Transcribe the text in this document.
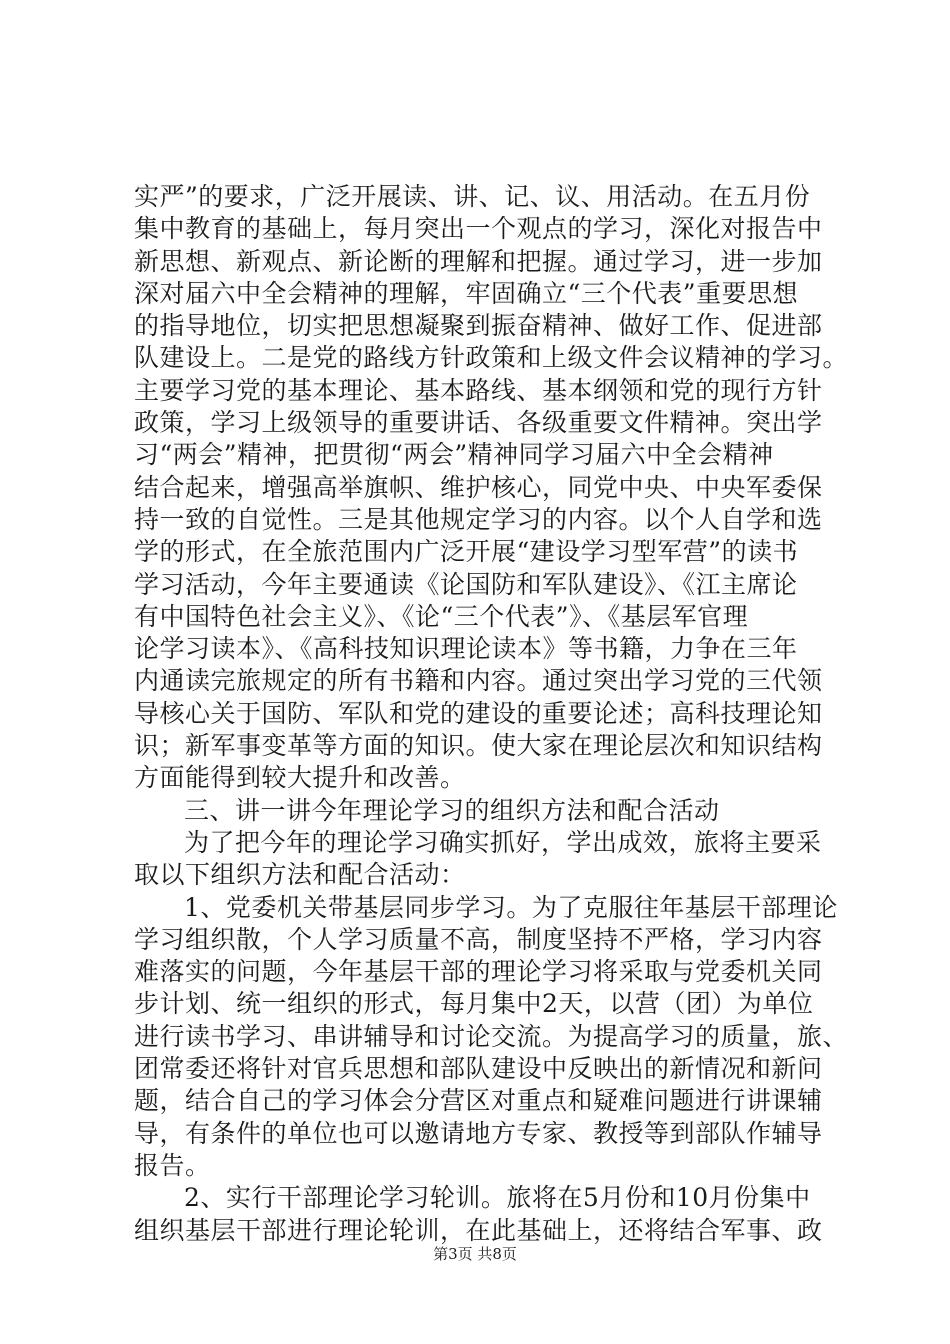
实严”的要求，广泛开展读、讲、记、议、用活动。在五月份
集中教育的基础上，每月突出一个观点的学习，深化对报告中
新思想、新观点、新论断的理解和把握。通过学习，进一步加
深对届六中全会精神的理解，牢固确立“三个代表”重要思想
的指导地位，切实把思想凝聚到振奋精神、做好工作、促进部
队建设上。二是党的路线方针政策和上级文件会议精神的学习。
主要学习党的基本理论、基本路线、基本纲领和党的现行方针
政策，学习上级领导的重要讲话、各级重要文件精神。突出学
习“两会”精神，把贯彻“两会”精神同学习届六中全会精神
结合起来，增强高举旗帜、维护核心，同党中央、中央军委保
持一致的自觉性。三是其他规定学习的内容。以个人自学和选
学的形式，在全旅范围内广泛开展“建设学习型军营”的读书
学习活动，今年主要通读《论国防和军队建设》、《江主席论
有中国特色社会主义》、《论“三个代表”》、《基层军官理
论学习读本》、《高科技知识理论读本》等书籍，力争在三年
内通读完旅规定的所有书籍和内容。通过突出学习党的三代领
导核心关于国防、军队和党的建设的重要论述；高科技理论知
识；新军事变革等方面的知识。使大家在理论层次和知识结构
方面能得到较大提升和改善。
三、讲一讲今年理论学习的组织方法和配合活动
为了把今年的理论学习确实抓好，学出成效，旅将主要采
取以下组织方法和配合活动：
1、党委机关带基层同步学习。为了克服往年基层干部理论
学习组织散，个人学习质量不高，制度坚持不严格，学习内容
难落实的问题，今年基层干部的理论学习将采取与党委机关同
步计划、统一组织的形式，每月集中2天，以营（团）为单位
进行读书学习、串讲辅导和讨论交流。为提高学习的质量，旅、
团常委还将针对官兵思想和部队建设中反映出的新情况和新问
题，结合自己的学习体会分营区对重点和疑难问题进行讲课辅
导，有条件的单位也可以邀请地方专家、教授等到部队作辅导
报告。
2、实行干部理论学习轮训。旅将在5月份和10月份集中
组织基层干部进行理论轮训，在此基础上，还将结合军事、政
第3页 共8页
